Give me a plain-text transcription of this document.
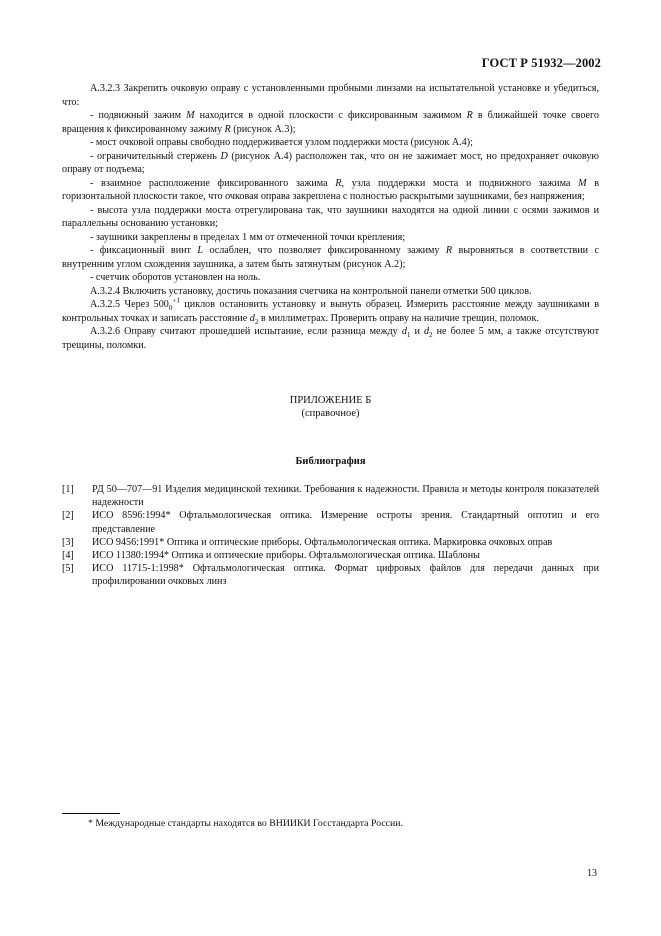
ГОСТ Р 51932—2002

А.3.2.3 Закрепить очковую оправу с установленными пробными линзами на испытательной установке и убедиться, что:

- подвижный зажим M находится в одной плоскости с фиксированным зажимом R в ближайшей точке своего вращения к фиксированному зажиму R (рисунок А.3);

- мост очковой оправы свободно поддерживается узлом поддержки моста (рисунок А.4);

- ограничительный стержень D (рисунок А.4) расположен так, что он не зажимает мост, но предохраняет очковую оправу от подъема;

- взаимное расположение фиксированного зажима R, узла поддержки моста и подвижного зажима M в горизонтальной плоскости такое, что очковая оправа закреплена с полностью раскрытыми заушниками, без напряжения;

- высота узла поддержки моста отрегулирована так, что заушники находятся на одной линии с осями зажимов и параллельны основанию установки;

- заушники закреплены в пределах 1 мм от отмеченной точки крепления;

- фиксационный винт L ослаблен, что позволяет фиксированному зажиму R выровняться в соответствии с внутренним углом схождения заушника, а затем быть затянутым (рисунок А.2);

- счетчик оборотов установлен на ноль.

А.3.2.4 Включить установку, достичь показания счетчика на контрольной панели отметки 500 циклов.

А.3.2.5 Через $500_0^{+1}$ циклов остановить установку и вынуть образец. Измерить расстояние между заушниками в контрольных точках и записать расстояние $d_2$ в миллиметрах. Проверить оправу на наличие трещин, поломок.

А.3.2.6 Оправу считают прошедшей испытание, если разница между $d_1$ и $d_2$ не более 5 мм, а также отсутствуют трещины, поломки.

ПРИЛОЖЕНИЕ Б
(справочное)
Библиография
[1]	РД 50—707—91 Изделия медицинской техники. Требования к надежности. Правила и методы контроля показателей надежности
[2]	ИСО 8596:1994* Офтальмологическая оптика. Измерение остроты зрения. Стандартный оптотип и его представление
[3]	ИСО 9456:1991* Оптика и оптические приборы. Офтальмологическая оптика. Маркировка очковых оправ
[4]	ИСО 11380:1994* Оптика и оптические приборы. Офтальмологическая оптика. Шаблоны
[5]	ИСО 11715-1:1998* Офтальмологическая оптика. Формат цифровых файлов для передачи данных при профилировании очковых линз
* Международные стандарты находятся во ВНИИКИ Госстандарта России.
13
